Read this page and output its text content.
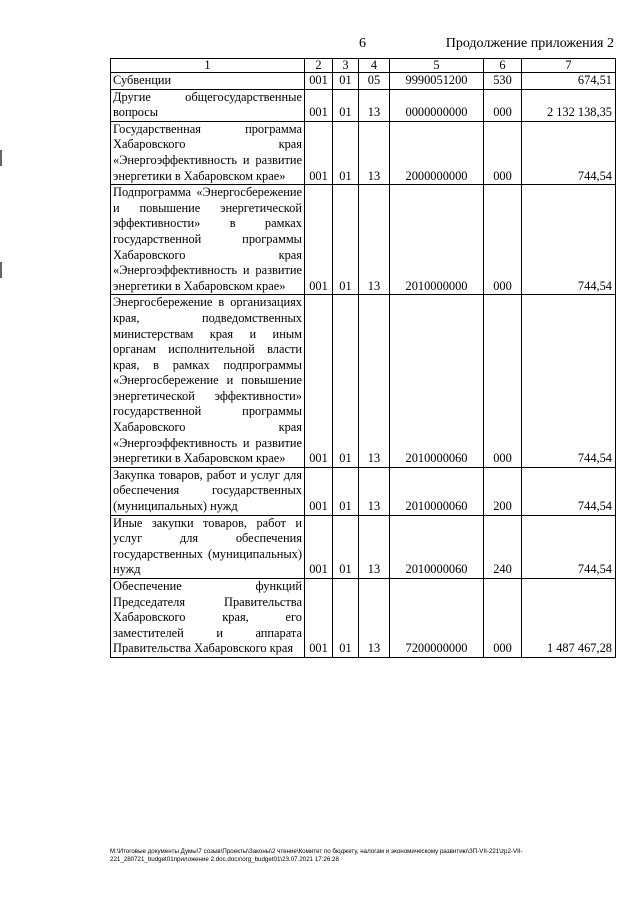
6	Продолжение приложения 2
1	2	3	4	5	6	7
Субвенции	001	01	05	9990051200	530	674,51
Другие общегосударственные вопросы	001	01	13	0000000000	000	2 132 138,35
Государственная программа Хабаровского края «Энергоэффективность и развитие энергетики в Хабаровском крае»	001	01	13	2000000000	000	744,54
Подпрограмма «Энергосбережение и повышение энергетической эффективности» в рамках государственной программы Хабаровского края «Энергоэффективность и развитие энергетики в Хабаровском крае»	001	01	13	2010000000	000	744,54
Энергосбережение в организациях края, подведомственных министерствам края и иным органам исполнительной власти края, в рамках подпрограммы «Энергосбережение и повышение энергетической эффективности» государственной программы Хабаровского края «Энергоэффективность и развитие энергетики в Хабаровском крае»	001	01	13	2010000060	000	744,54
Закупка товаров, работ и услуг для обеспечения государственных (муниципальных) нужд	001	01	13	2010000060	200	744,54
Иные закупки товаров, работ и услуг для обеспечения государственных (муниципальных) нужд	001	01	13	2010000060	240	744,54
Обеспечение функций Председателя Правительства Хабаровского края, его заместителей и аппарата Правительства Хабаровского края	001	01	13	7200000000	000	1 487 467,28
M:\Итоговые документы Думы\7 созыв\Проекты\Законы\2 чтение\Комитет по бюджету, налогам и экономическому развитию\ЗП-VII-221\zp2-VII-221_280721_budget01приложение 2.doc.docx\org_budget01\23.07.2021 17:26:28
